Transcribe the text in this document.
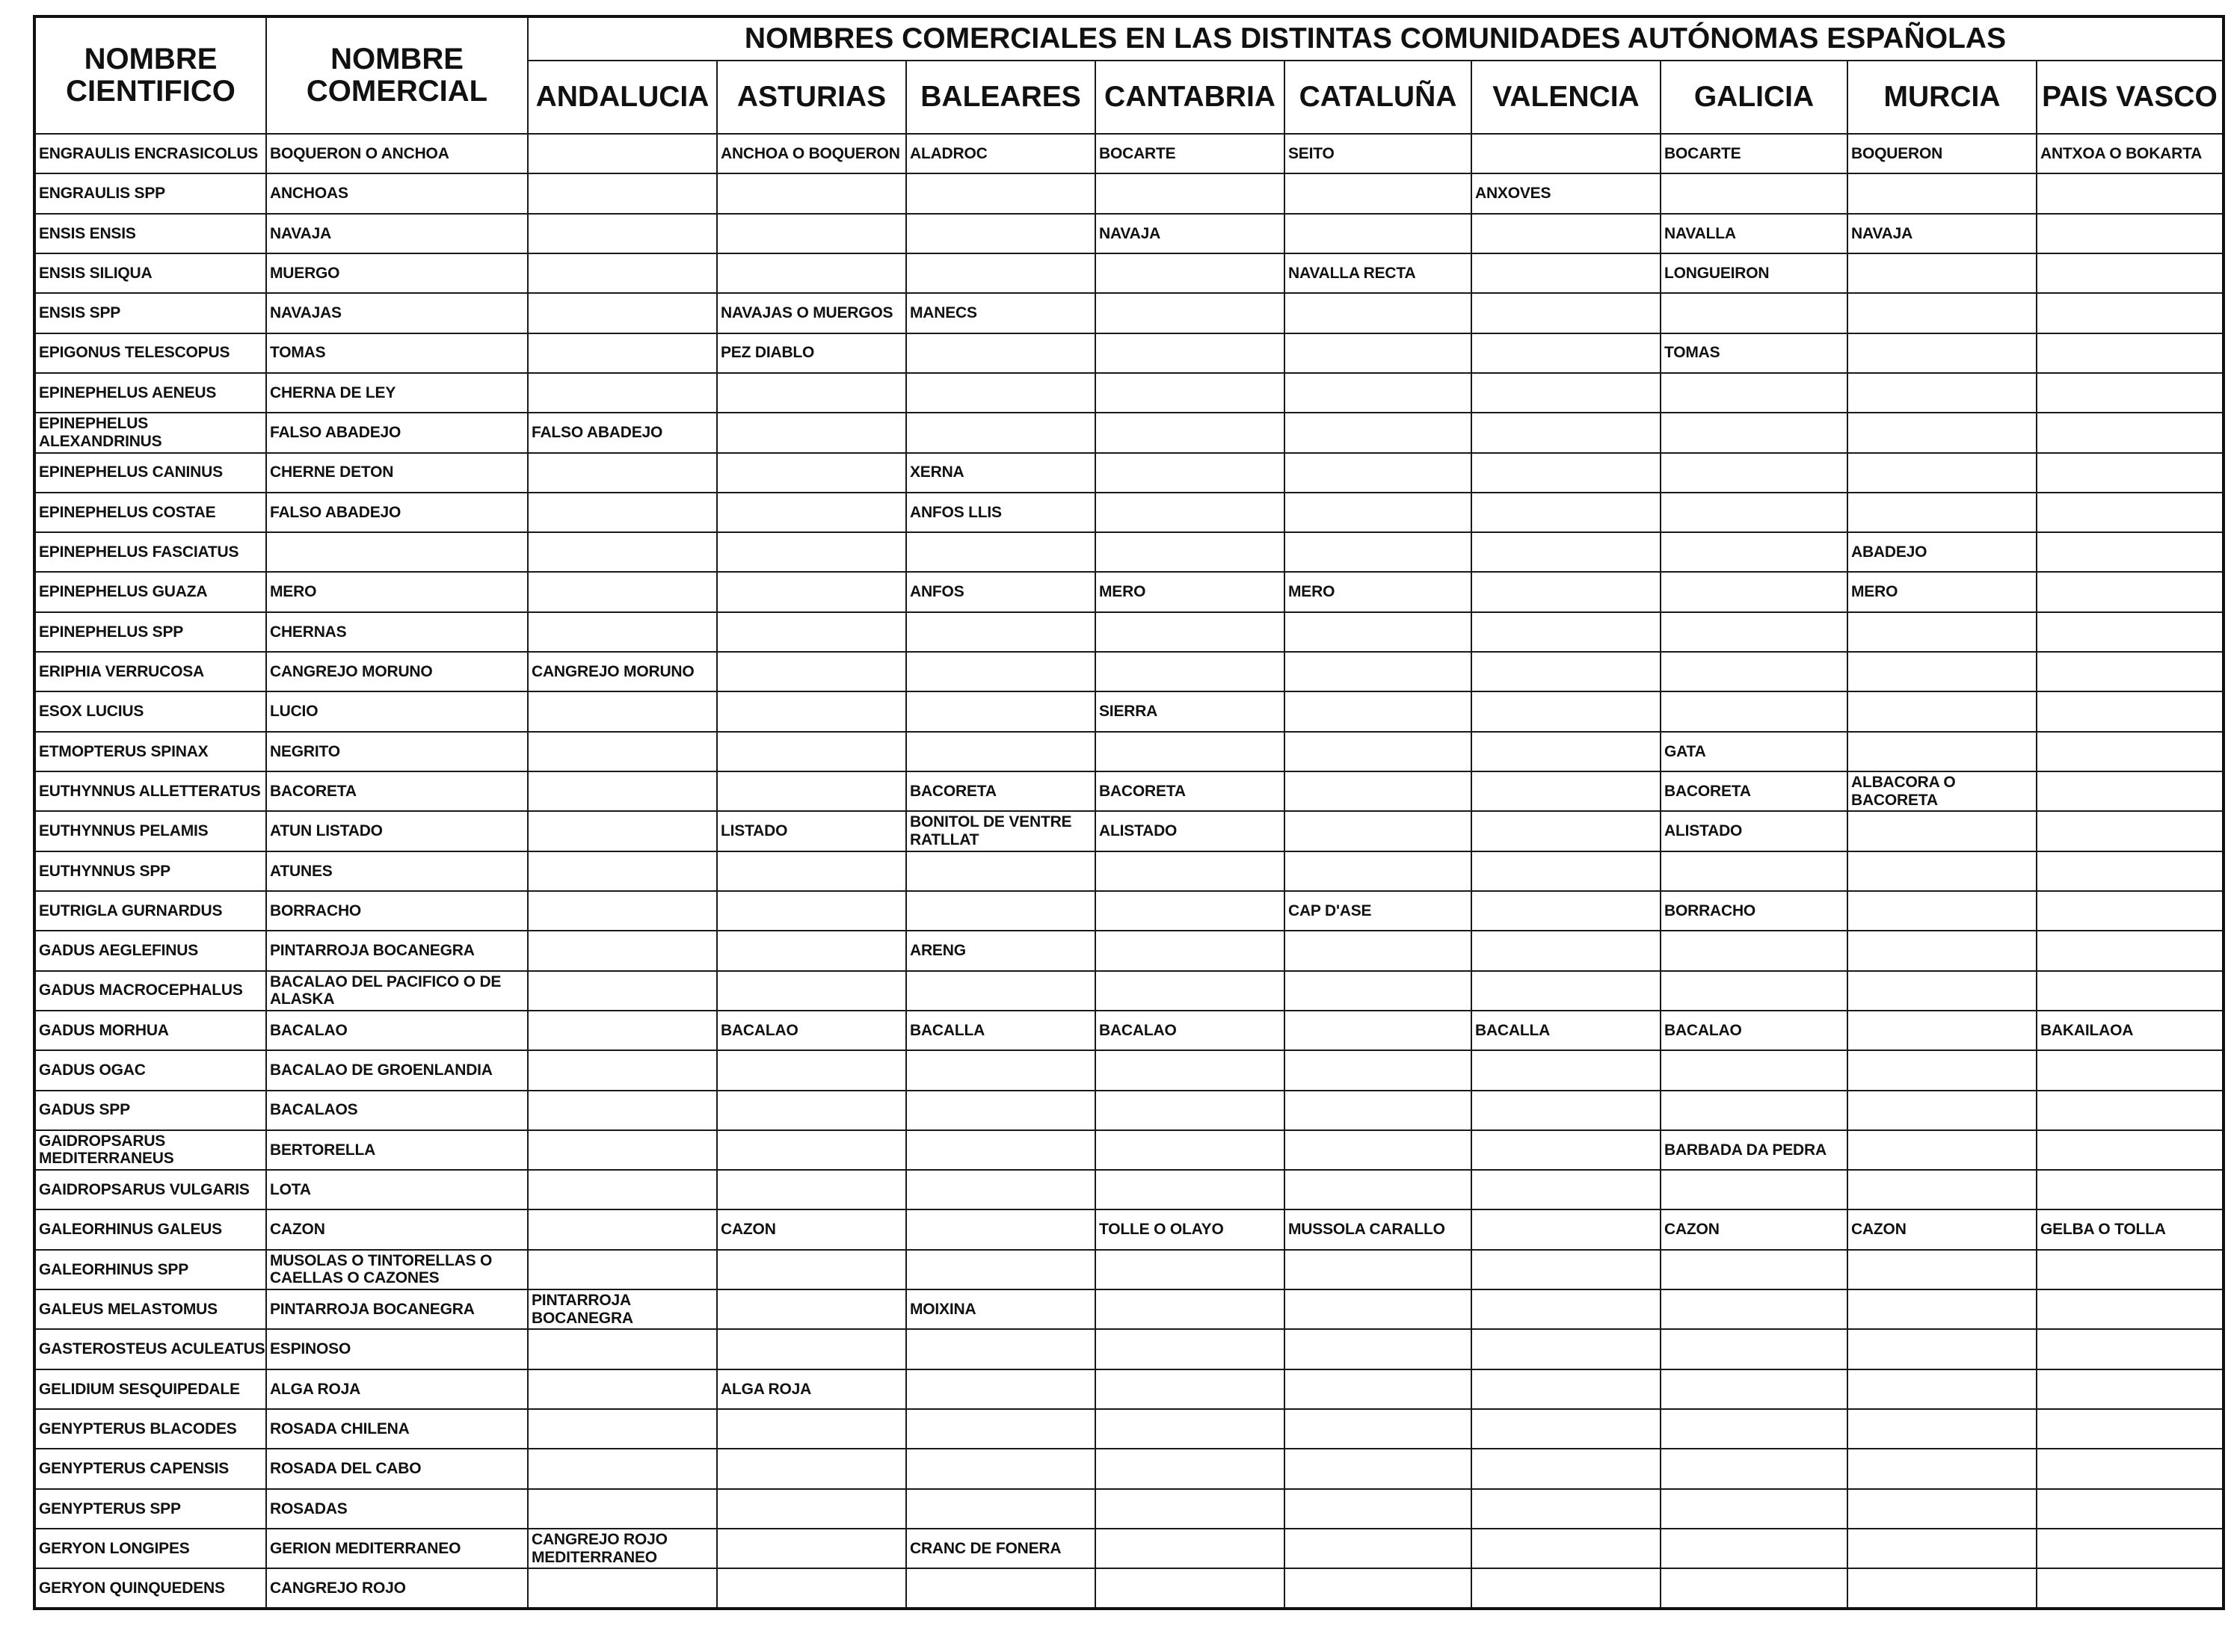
NOMBRE CIENTIFICO	NOMBRE COMERCIAL	NOMBRES COMERCIALES EN LAS DISTINTAS COMUNIDADES AUTÓNOMAS ESPAÑOLAS								
		ANDALUCIA	ASTURIAS	BALEARES	CANTABRIA	CATALUÑA	VALENCIA	GALICIA	MURCIA	PAIS VASCO
ENGRAULIS ENCRASICOLUS	BOQUERON O ANCHOA		ANCHOA O BOQUERON	ALADROC	BOCARTE	SEITO		BOCARTE	BOQUERON	ANTXOA O BOKARTA
ENGRAULIS SPP	ANCHOAS						ANXOVES			
ENSIS ENSIS	NAVAJA				NAVAJA			NAVALLA	NAVAJA	
ENSIS SILIQUA	MUERGO					NAVALLA RECTA		LONGUEIRON		
ENSIS SPP	NAVAJAS		NAVAJAS O MUERGOS	MANECS						
EPIGONUS TELESCOPUS	TOMAS		PEZ DIABLO					TOMAS		
EPINEPHELUS AENEUS	CHERNA DE LEY									
EPINEPHELUS ALEXANDRINUS	FALSO ABADEJO	FALSO ABADEJO								
EPINEPHELUS CANINUS	CHERNE DETON			XERNA						
EPINEPHELUS COSTAE	FALSO ABADEJO			ANFOS LLIS						
EPINEPHELUS FASCIATUS									ABADEJO	
EPINEPHELUS GUAZA	MERO			ANFOS	MERO	MERO			MERO	
EPINEPHELUS SPP	CHERNAS									
ERIPHIA VERRUCOSA	CANGREJO MORUNO	CANGREJO MORUNO								
ESOX LUCIUS	LUCIO				SIERRA					
ETMOPTERUS SPINAX	NEGRITO							GATA		
EUTHYNNUS ALLETTERATUS	BACORETA			BACORETA	BACORETA			BACORETA	ALBACORA O BACORETA	
EUTHYNNUS PELAMIS	ATUN LISTADO		LISTADO	BONITOL DE VENTRE RATLLAT	ALISTADO			ALISTADO		
EUTHYNNUS SPP	ATUNES									
EUTRIGLA GURNARDUS	BORRACHO					CAP D'ASE		BORRACHO		
GADUS AEGLEFINUS	PINTARROJA BOCANEGRA			ARENG						
GADUS MACROCEPHALUS	BACALAO DEL PACIFICO O DE ALASKA									
GADUS MORHUA	BACALAO		BACALAO	BACALLA	BACALAO		BACALLA	BACALAO		BAKAILAOA
GADUS OGAC	BACALAO DE GROENLANDIA									
GADUS SPP	BACALAOS									
GAIDROPSARUS MEDITERRANEUS	BERTORELLA							BARBADA DA PEDRA		
GAIDROPSARUS VULGARIS	LOTA									
GALEORHINUS GALEUS	CAZON		CAZON		TOLLE O OLAYO	MUSSOLA CARALLO		CAZON	CAZON	GELBA O TOLLA
GALEORHINUS SPP	MUSOLAS O TINTORELLAS O CAELLAS O CAZONES									
GALEUS MELASTOMUS	PINTARROJA BOCANEGRA	PINTARROJA BOCANEGRA		MOIXINA						
GASTEROSTEUS ACULEATUS	ESPINOSO									
GELIDIUM SESQUIPEDALE	ALGA ROJA		ALGA ROJA							
GENYPTERUS BLACODES	ROSADA CHILENA									
GENYPTERUS CAPENSIS	ROSADA DEL CABO									
GENYPTERUS SPP	ROSADAS									
GERYON LONGIPES	GERION MEDITERRANEO	CANGREJO ROJO MEDITERRANEO		CRANC DE FONERA						
GERYON QUINQUEDENS	CANGREJO ROJO									
